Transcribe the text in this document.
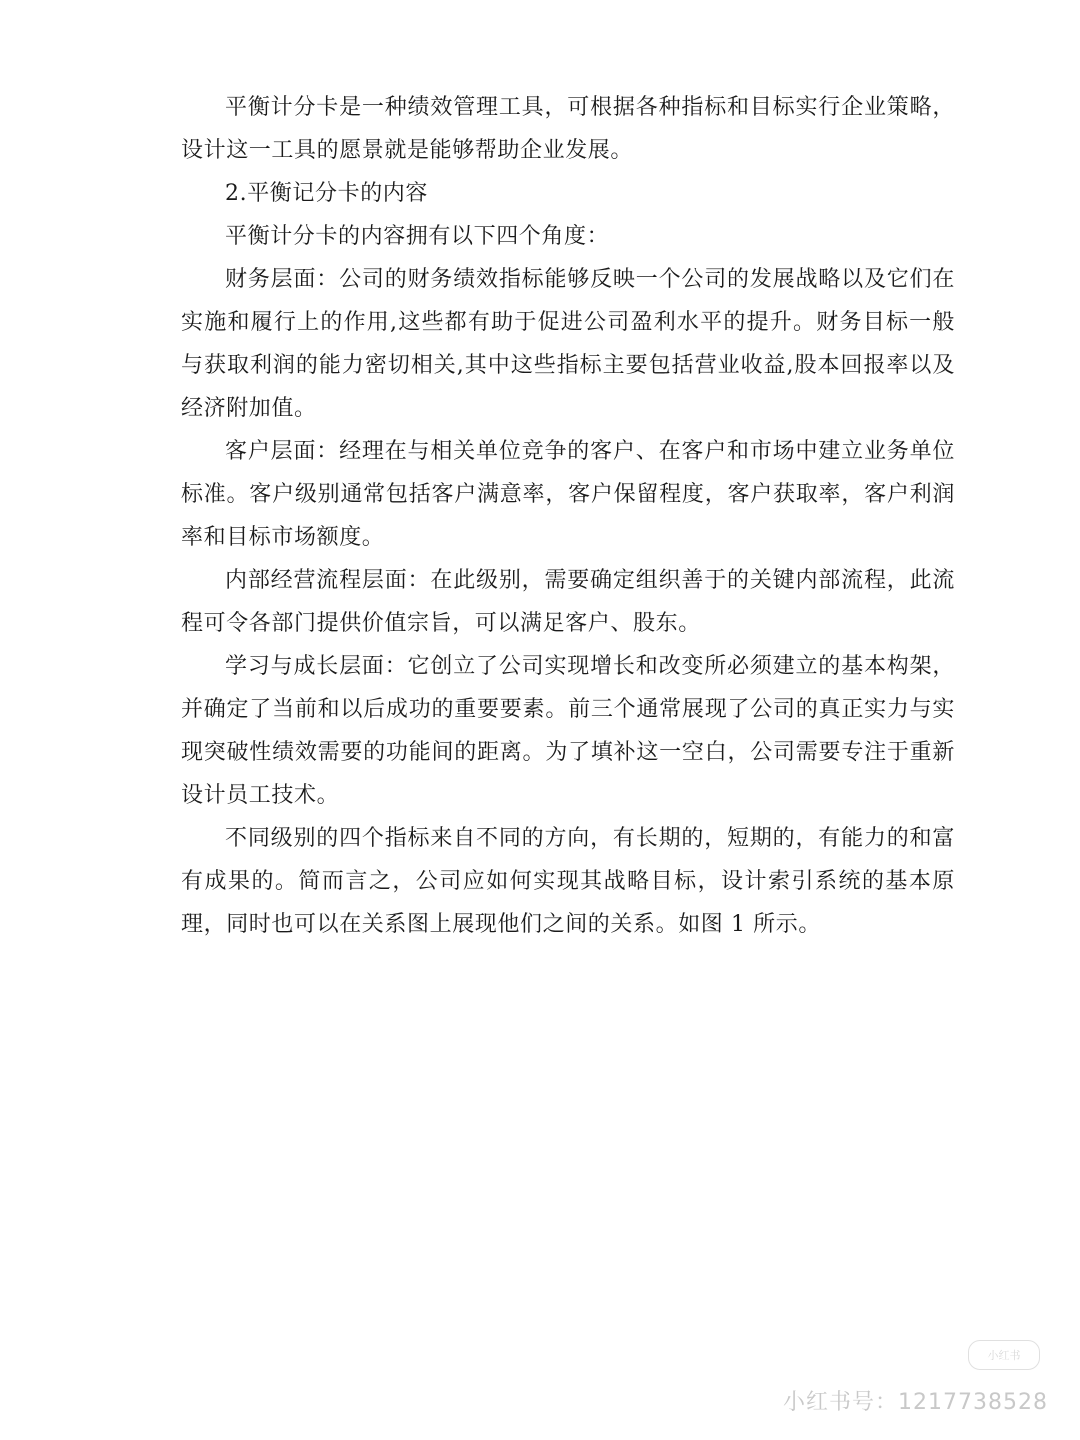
平衡计分卡是一种绩效管理工具，可根据各种指标和目标实行企业策略，设计这一工具的愿景就是能够帮助企业发展。

2.平衡记分卡的内容

平衡计分卡的内容拥有以下四个角度：

财务层面：公司的财务绩效指标能够反映一个公司的发展战略以及它们在实施和履行上的作用,这些都有助于促进公司盈利水平的提升。财务目标一般与获取利润的能力密切相关,其中这些指标主要包括营业收益,股本回报率以及经济附加值。

客户层面：经理在与相关单位竞争的客户、在客户和市场中建立业务单位标准。客户级别通常包括客户满意率，客户保留程度，客户获取率，客户利润率和目标市场额度。

内部经营流程层面：在此级别，需要确定组织善于的关键内部流程，此流程可令各部门提供价值宗旨，可以满足客户、股东。

学习与成长层面：它创立了公司实现增长和改变所必须建立的基本构架，并确定了当前和以后成功的重要要素。前三个通常展现了公司的真正实力与实现突破性绩效需要的功能间的距离。为了填补这一空白，公司需要专注于重新设计员工技术。

不同级别的四个指标来自不同的方向，有长期的，短期的，有能力的和富有成果的。简而言之，公司应如何实现其战略目标，设计索引系统的基本原理，同时也可以在关系图上展现他们之间的关系。如图 1 所示。

小红书
小红书号：1217738528
